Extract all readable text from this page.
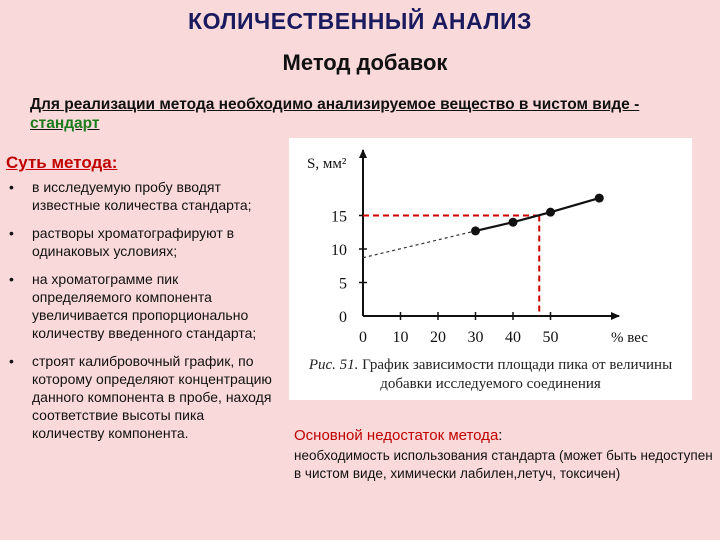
КОЛИЧЕСТВЕННЫЙ АНАЛИЗ
Метод добавок
Для реализации метода необходимо анализируемое вещество в чистом виде - стандарт
Суть метода:
• в исследуемую пробу вводят известные количества стандарта;
• растворы хроматографируют в одинаковых условиях;
• на хроматограмме пик определяемого компонента увеличивается пропорционально количеству введенного стандарта;
• строят калибровочный график, по которому определяют концентрацию данного компонента в пробе, находя соответствие высоты пика количеству компонента.
0
5
10
15
0 10 20 30 40 50
S, мм²
% вес
Рис. 51. График зависимости площади пика от величины добавки исследуемого соединения
Основной недостаток метода:
необходимость использования стандарта (может быть недоступен в чистом виде, химически лабилен,летуч, токсичен)
